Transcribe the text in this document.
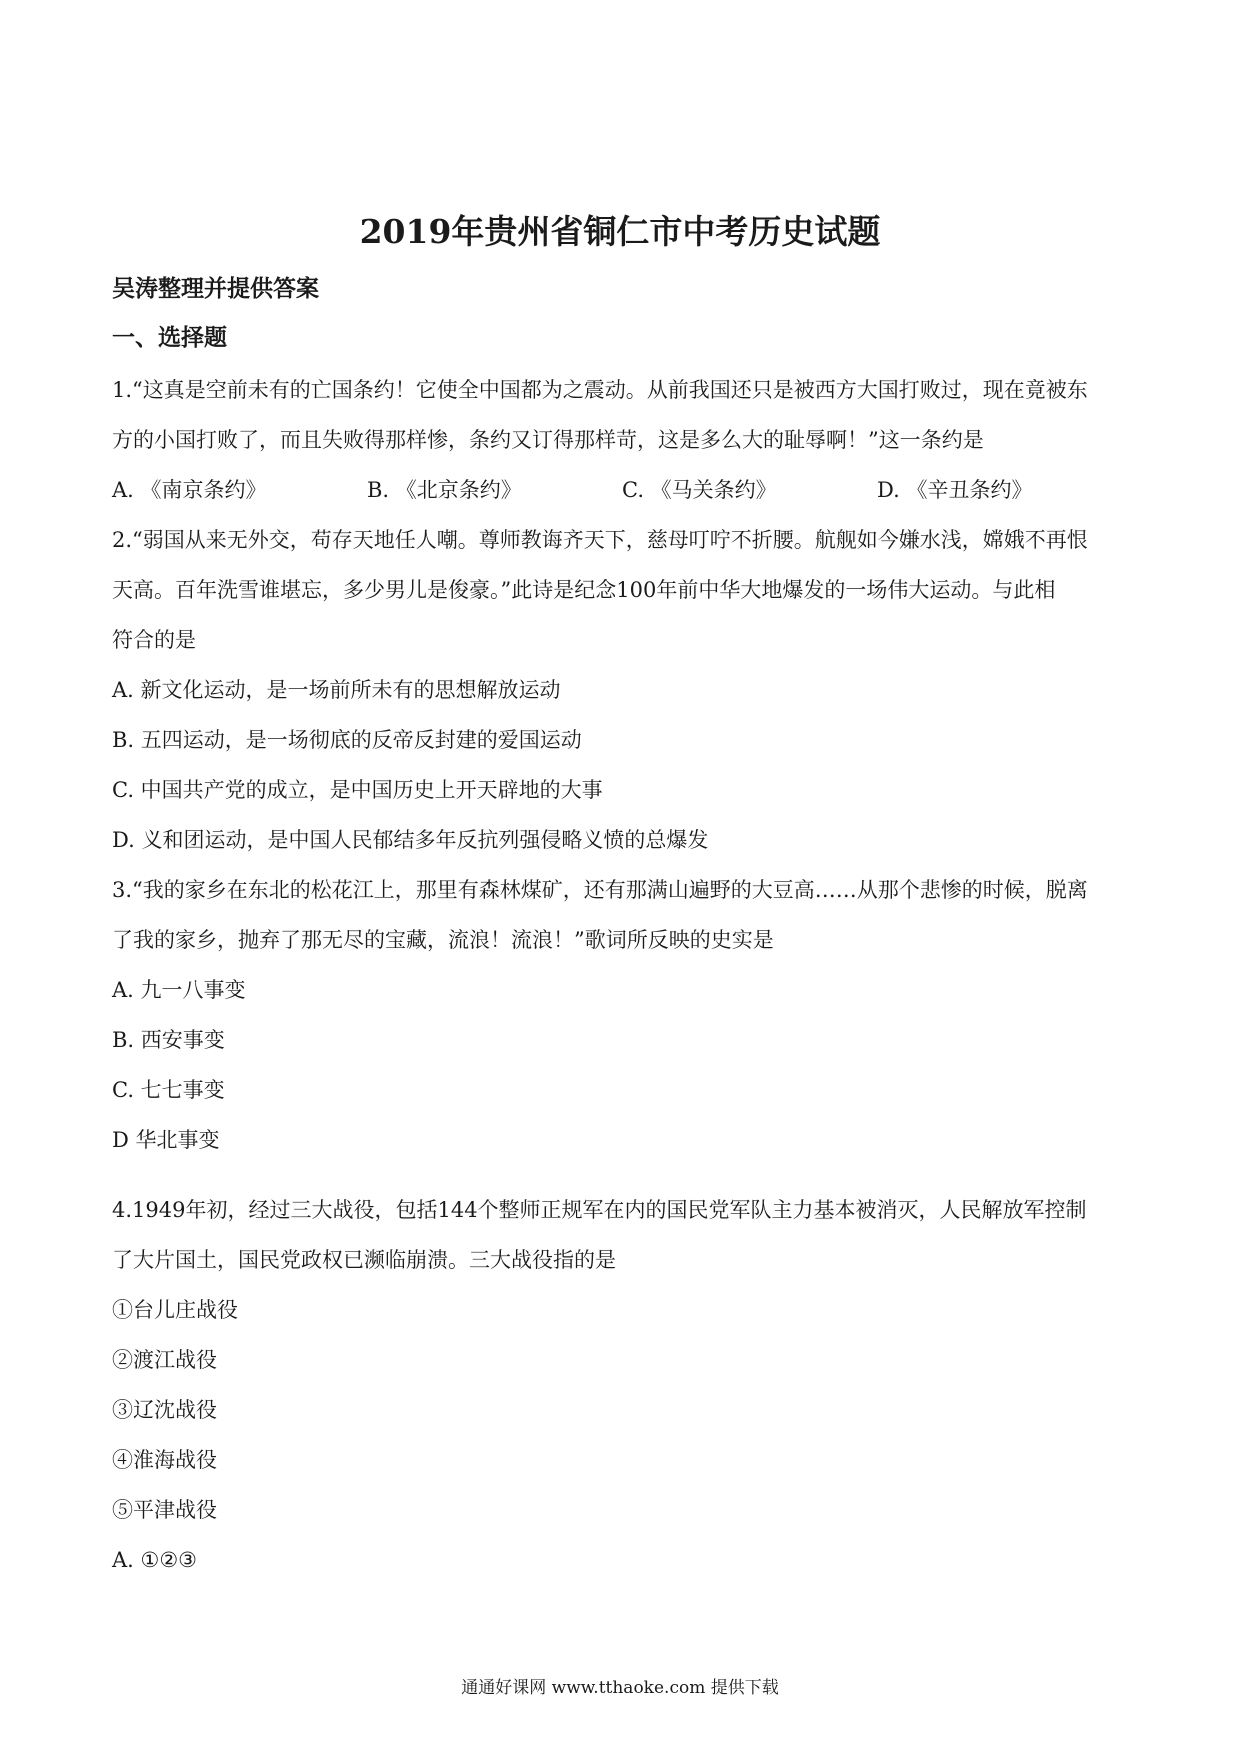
2019年贵州省铜仁市中考历史试题
吴涛整理并提供答案
一、选择题
1.“这真是空前未有的亡国条约！它使全中国都为之震动。从前我国还只是被西方大国打败过，现在竟被东
方的小国打败了，而且失败得那样惨，条约又订得那样苛，这是多么大的耻辱啊！”这一条约是
A. 《南京条约》	B. 《北京条约》	C. 《马关条约》	D. 《辛丑条约》
2.“弱国从来无外交，苟存天地任人嘲。尊师教诲齐天下，慈母叮咛不折腰。航舰如今嫌水浅，嫦娥不再恨
天高。百年洗雪谁堪忘，多少男儿是俊豪。”此诗是纪念100年前中华大地爆发的一场伟大运动。与此相
符合的是
A. 新文化运动，是一场前所未有的思想解放运动
B. 五四运动，是一场彻底的反帝反封建的爱国运动
C. 中国共产党的成立，是中国历史上开天辟地的大事
D. 义和团运动，是中国人民郁结多年反抗列强侵略义愤的总爆发
3.“我的家乡在东北的松花江上，那里有森林煤矿，还有那满山遍野的大豆高……从那个悲惨的时候，脱离
了我的家乡，抛弃了那无尽的宝藏，流浪！流浪！”歌词所反映的史实是
A. 九一八事变
B. 西安事变
C. 七七事变
D 华北事变
4.1949年初，经过三大战役，包括144个整师正规军在内的国民党军队主力基本被消灭，人民解放军控制
了大片国土，国民党政权已濒临崩溃。三大战役指的是
①台儿庄战役
②渡江战役
③辽沈战役
④淮海战役
⑤平津战役
A. ①②③
通通好课网 www.tthaoke.com 提供下载
